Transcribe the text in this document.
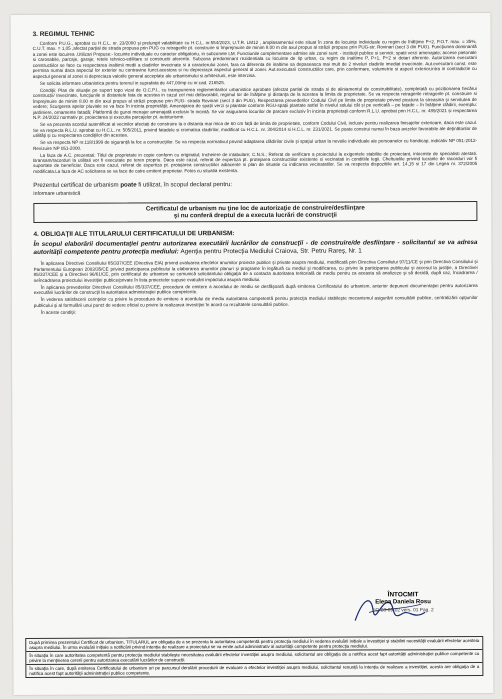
3. REGIMUL TEHNIC
Conform P.U.G., aprobat cu H.C.L. nr. 23/2000 şi prelungit valabilitate cu H.C.L. nr.554/2023, U.T.R. LM12 , amplasamentul este situat în zona de locuinţe individuale cu regim de înălţime P+2, P.O.T. max. = 35%, C.U.T. max. = 1,05 ,afectat parţial de strada propusa prin PUG cu retragerile pt. construire si împrejmuire de minim 8.00 m din axul propus al străzii propuse prin PUG-str. Rovinari (sect 3 din PUG). Funcţiunea dominantă a zonei este locuirea .Utilizari Propuse:- locuinte individuale cu caracter obligatoriu, in subzonele LM. Functiunile complementare admise ale zonei sunt: - instituţii publice si servicii; spatii verzi amenajate; accese pietonale si carosabile, parcaje, garaje; retele tehnico-edilitare si constructii aferente. Subzona predominant rezidentiala cu locuinte de tip urban, cu regim de inaltime P, P+1, P+2 si dotari aferente. Autorizarea executarii constructiilor se face cu respectarea inaltimii medii a cladirilor invecinate si a caracterului zonei, fara ca diferenta de inaltime sa depaseasca mai mult de 2 niveluri cladirile imediat invecinate. Aut.executarii const. este permisa numai daca aspectul lor exterior nu contravine funct.acestora si nu depreciaza aspectul general al zonei. Aut.executarii constructiilor care, prin conformare, volumetrie si aspect exterior,intra in contradictie cu aspectul general al zonei si depreciaza valorile general acceptate ale urbanismului si arhitecturii, este interzisa.
Se solicita informare urbanistica pentru terenul in suprafata de 447,00mp cu nr.cad. 216525.
Condiţii: Plan de situaţie pe suport topo vizat de O.C.P.I., cu transpunerea reglementarilor urbanistice aprobate (afectat partial de strada si de aliniamentul de construibilitate), completată cu poziționarea fiecărui construcții/ Invecinate, funcţiunile si distantele fata de acestea in cazul cel mai defavorabil, regimul lor de înălţime şi distanţa de la acestea la limita de proprietate. Se va respecta retragerile retragerile pt. construire si împrejmuire de minim 8.00 m din axul propus al străzii propuse prin PUG- strada Rovinari (sect 3 din PUG). Respectarea prevederilor Codului Civil pe limita de proprietate privind picatura la streasina şi servitutea de vedere; Scurgerea apelor pluviale se va face în incinta proprietăţii; Amenajarea de spații verzi și plantate conform RGU-spații plantate astfel în nivelul solului cât și pe verticală – pe fațade – în înălțime clădirii, exemplu: jardiniere, ornamente fatadă; Platformă de gunoi menajer amenajată exclusiv în incintă. Se vor asigurarea locurilor de parcare exclusiv în incinta proprietații conform R.L.U. aprobat prin H.C.L. nr. 489/2021 și respectarea N.P. 24/2022 normativ pt. proiectarea și executia parcajelor pt. autoturisme.
Se va prezenta acordul autentificat al vecinilor afectați de construire la o distanta mai mica de 60 cm față de limita de proprietate, conform Codului Civil, inclusiv pentru realizarea finisajelor exterioare, daca este cazul. Se va respecta R.L.U. aprobat cu H.C.L. nr. 505/2011, privind fatadele si cromatica cladirilor, modificat cu H.C.L. nr. 304/2014 si H.C.L. nr. 231/2021. Se poate construi numai în baza avizelor favorabile ale deţinătorilor de utilităţi şi cu respectarea condiţiilor din acestea.
Se va respecta NP nr.118/1999 de siguranţă la foc a construcţiilor. Se va respecta normativul privind adaptarea clădirilor civile şi spaţiul urban la nevoile individuale ale persoanelor cu handicap, indicativ NP 051-2012-Revizuire NP 051-2000.
La faza de A.C. prezentati: Titlul de proprietate in copie conform cu originalul; Incheiere de intabulare; C.N.S.; Referat de verificare a proiectului la exigentele stabilite de proiectant, intocmite de specialisti atestati. Bransam/racorduri la utilitati vor fi executate pe teren propriu. Daca este cazul, referat de expertiza pt. protejarea constructiilor existente si vecinatati in conditiile legii. Cheltuielile privind lucrarile de racorduri vor fi suportate de beneficiar. Daca este cazul, referat de expertiza pt. protejarea constructiilor adiacente si plan de situatie cu indicarea vecinatatilor. Se va respecta dispozitiile art. 14,15 si 17 din Legea nr. 372/2005 modificata.La faza de AC solicitarea se va face de catre emitent proprietar. Fotos cu situatia existenta.
Prezentul certificat de urbanism poate fi utilizat, în scopul declarat pentru:
Informare urbanistică
Certificatul de urbanism nu ţine loc de autorizaţie de construire/desfiinţare
şi nu conferă dreptul de a executa lucrări de construcţii
4. OBLIGAŢII ALE TITULARULUI CERTIFICATULUI DE URBANISM:
În scopul elaborării documentaţiei pentru autorizarea executării lucrărilor de construcţii - de construire/de desfiinţare - solicitantul se va adresa autorităţii competente pentru protecţia mediului: Agenţia pentru Protecţia Mediului Craiova, Str. Petru Rareş, Nr. 1
În aplicarea Directivei Consiliului 85/337/CEE (Directiva EIA) privind evaluarea efectelor anumitor proiecte publice şi private asupra mediului, modificată prin Directiva Consiliului 97/11/CE şi prin Directiva Consiliului şi Parlamentului European 2003/35/CE privind participarea publicului la elaborarea anumitor planuri şi programe în legătură cu mediul şi modificarea, cu privire la participarea publicului şi accesul la justiţie, a Directivei 85/337/CEE şi a Directivei 96/61/CE, prin certificatul de urbanism se comunică solicitantului obligaţia de a contacta autoritatea teritorială de mediu pentru ca aceasta să analizeze şi să decidă, după caz, încadrarea / neîncadrarea proiectului investiţiei publice/private în lista proiectelor supuse evaluării impactului asupra mediului.
În aplicarea prevederilor Directivei Consiliului 85/337/CEE, procedura de emitere a acordului de mediu se desfăşoară după emiterea Certificatului de urbanism, anterior depunerii documentaţiei pentru autorizarea executării lucrărilor de construcţii la autoritatea administraţiei publice competente.
În vederea satisfacerii cerinţelor cu privire la procedura de emitere a acordului de mediu autoritatea competentă pentru protecţia mediului stabileşte mecanismul asigurării consultării publice, centralizării opţiunilor publicului şi al formulării unui punct de vedere oficial cu privire la realizarea investiţiei în acord cu rezultatele consultării publice.
În aceste condiţii:
ÎNTOCMIT
Elena Daniela Rosu
FO-03-09-02 vers. 01 Pag. 2
După primirea prezentului Certificat de urbanism, TITULARUL are obligaţia de a se prezenta la autoritatea competentă pentru protecţia mediului în vederea evaluării iniţiale a investiţiei şi stabilirii necesităţii evaluării efectelor acesteia asupra mediului. În urma evaluării iniţiale a notificării privind intenţia de realizare a proiectului se va emite actul administrativ al autorităţii competente pentru protecţia mediului.
În situaţia în care autoritatea competentă pentru protecţia mediului stabileşte necesitatea evaluării efectelor investiţiei asupra mediului, solicitantul are obligaţia de a notifica acest fapt autorităţii administraţiei publice competente cu privire la menţinerea cererii pentru autorizarea executării lucrărilor de construcţii.
În situaţia în care, după emiterea Certificatului de urbanism ori pe parcursul derulării procedurii de evaluare a efectelor investiţiei asupra mediului, solicitantul renunţă la intenţia de realizare a investiţiei, acesta are obligaţia de a notifica acest fapt autorităţii administraţiei publice competente.
